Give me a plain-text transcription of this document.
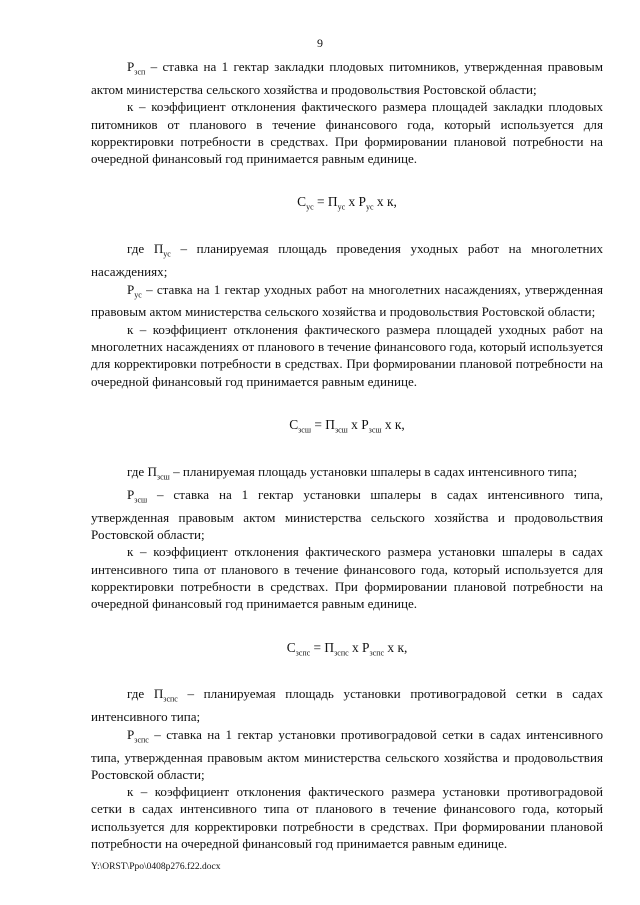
9

$Р_{зсп}$ – ставка на 1 гектар закладки плодовых питомников, утвержденная правовым актом министерства сельского хозяйства и продовольствия Ростовской области;

к – коэффициент отклонения фактического размера площадей закладки плодовых питомников от планового в течение финансового года, который используется для корректировки потребности в средствах. При формировании плановой потребности на очередной финансовый год принимается равным единице.

$С_{ус} = П_{ус}$ х $Р_{ус}$ х к,

где $П_{ус}$ – планируемая площадь проведения уходных работ на многолетних насаждениях;

$Р_{ус}$ – ставка на 1 гектар уходных работ на многолетних насаждениях, утвержденная правовым актом министерства сельского хозяйства и продовольствия Ростовской области;

к – коэффициент отклонения фактического размера площадей уходных работ на многолетних насаждениях от планового в течение финансового года, который используется для корректировки потребности в средствах. При формировании плановой потребности на очередной финансовый год принимается равным единице.

$С_{зсш} = П_{зсш}$ х $Р_{зсш}$ х к,

где $П_{зсш}$ – планируемая площадь установки шпалеры в садах интенсивного типа;

$Р_{зсш}$ – ставка на 1 гектар установки шпалеры в садах интенсивного типа, утвержденная правовым актом министерства сельского хозяйства и продовольствия Ростовской области;

к – коэффициент отклонения фактического размера установки шпалеры в садах интенсивного типа от планового в течение финансового года, который используется для корректировки потребности в средствах. При формировании плановой потребности на очередной финансовый год принимается равным единице.

$С_{зспс} = П_{зспс}$ х $Р_{зспс}$ х к,

где $П_{зспс}$ – планируемая площадь установки противоградовой сетки в садах интенсивного типа;

$Р_{зспс}$ – ставка на 1 гектар установки противоградовой сетки в садах интенсивного типа, утвержденная правовым актом министерства сельского хозяйства и продовольствия Ростовской области;

к – коэффициент отклонения фактического размера установки противоградовой сетки в садах интенсивного типа от планового в течение финансового года, который используется для корректировки потребности в средствах. При формировании плановой потребности на очередной финансовый год принимается равным единице.

Y:\ORST\Ppo\0408p276.f22.docx
